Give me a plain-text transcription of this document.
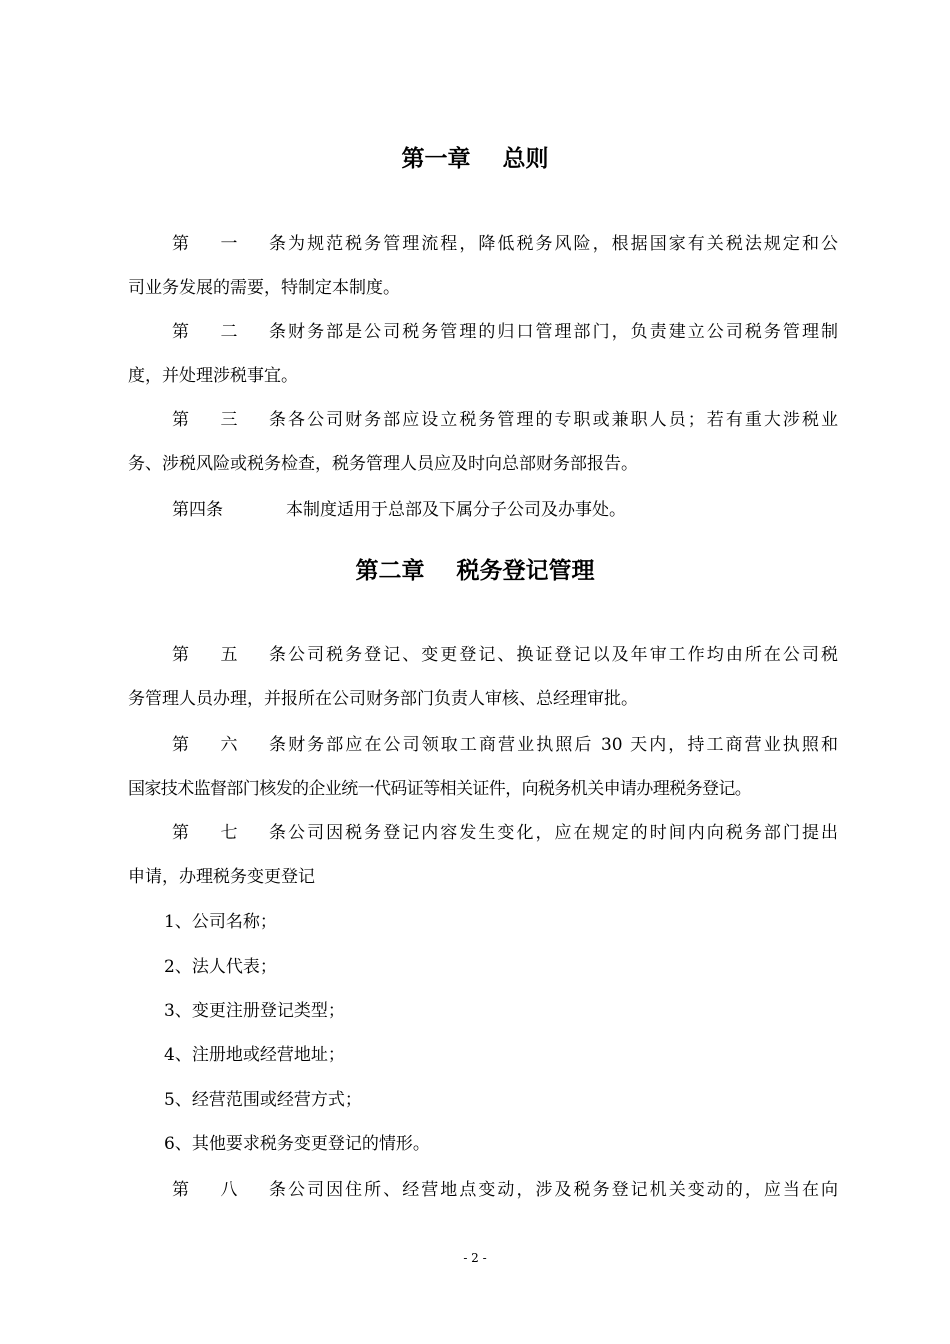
第一章    总则
第一条为规范税务管理流程，降低税务风险，根据国家有关税法规定和公
司业务发展的需要，特制定本制度。
第二条财务部是公司税务管理的归口管理部门，负责建立公司税务管理制
度，并处理涉税事宜。
第三条各公司财务部应设立税务管理的专职或兼职人员；若有重大涉税业
务、涉税风险或税务检查，税务管理人员应及时向总部财务部报告。
第四条	本制度适用于总部及下属分子公司及办事处。
第二章    税务登记管理
第五条公司税务登记、变更登记、换证登记以及年审工作均由所在公司税
务管理人员办理，并报所在公司财务部门负责人审核、总经理审批。
第六条财务部应在公司领取工商营业执照后 30 天内，持工商营业执照和
国家技术监督部门核发的企业统一代码证等相关证件，向税务机关申请办理税务登记。
第七条公司因税务登记内容发生变化，应在规定的时间内向税务部门提出
申请，办理税务变更登记
1、公司名称；
2、法人代表；
3、变更注册登记类型；
4、注册地或经营地址；
5、经营范围或经营方式；
6、其他要求税务变更登记的情形。
第八条公司因住所、经营地点变动，涉及税务登记机关变动的，应当在向
- 2 -
